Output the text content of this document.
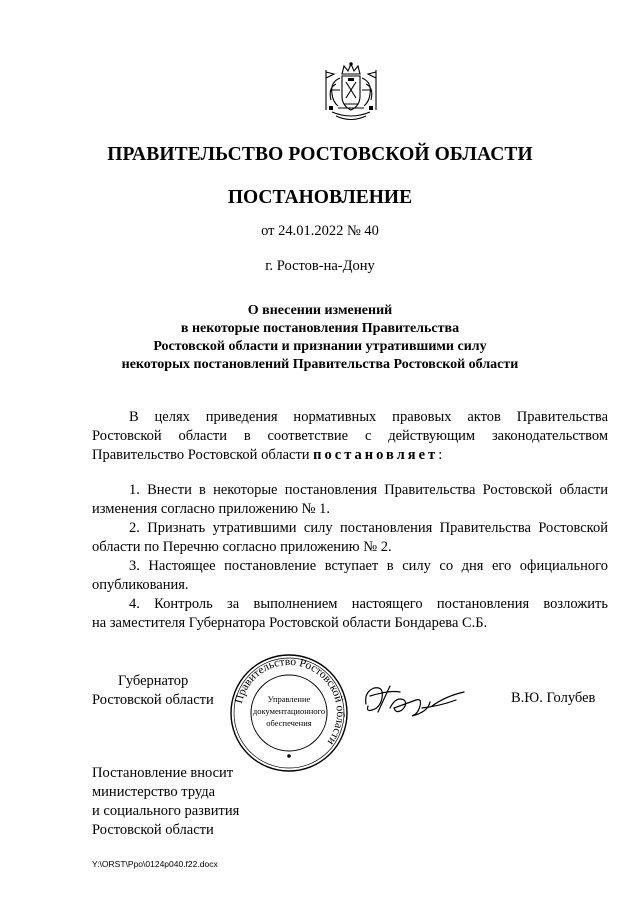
ПРАВИТЕЛЬСТВО РОСТОВСКОЙ ОБЛАСТИ
ПОСТАНОВЛЕНИЕ
от 24.01.2022 № 40
г. Ростов-на-Дону
О внесении изменений
в некоторые постановления Правительства
Ростовской области и признании утратившими силу
некоторых постановлений Правительства Ростовской области
В целях приведения нормативных правовых актов Правительства
Ростовской области в соответствие с действующим законодательством
Правительство Ростовской области постановляет:
1. Внести в некоторые постановления Правительства Ростовской области
изменения согласно приложению № 1.
2. Признать утратившими силу постановления Правительства Ростовской
области по Перечню согласно приложению № 2.
3. Настоящее постановление вступает в силу со дня его официального
опубликования.
4. Контроль за выполнением настоящего постановления возложить
на заместителя Губернатора Ростовской области Бондарева С.Б.
Губернатор
Ростовской области Правительство Ростовской области
Управление
документационного
обеспечения
В.Ю. Голубев
Постановление вносит
министерство труда
и социального развития
Ростовской области
Y:\ORST\Ppo\0124p040.f22.docx
